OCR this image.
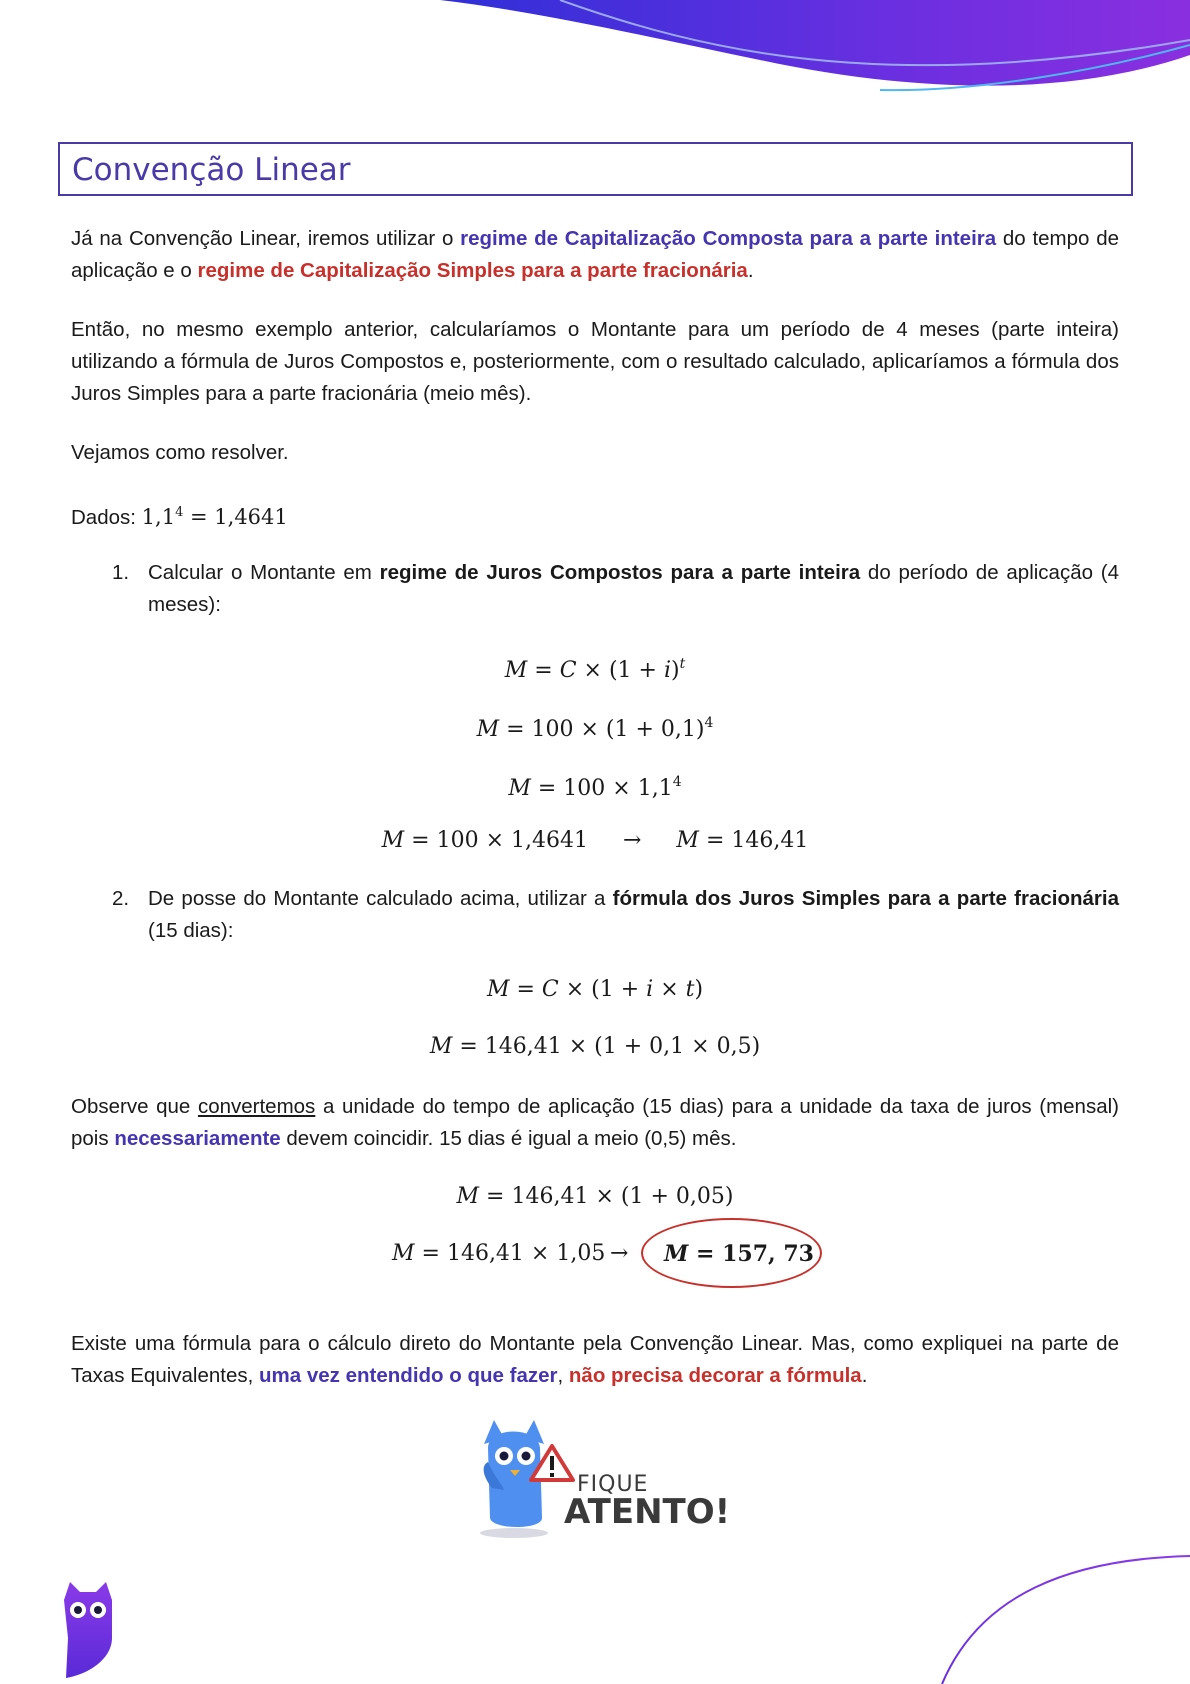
Convenção Linear
Já na Convenção Linear, iremos utilizar o regime de Capitalização Composta para a parte inteira do tempo de aplicação e o regime de Capitalização Simples para a parte fracionária.
Então, no mesmo exemplo anterior, calcularíamos o Montante para um período de 4 meses (parte inteira) utilizando a fórmula de Juros Compostos e, posteriormente, com o resultado calculado, aplicaríamos a fórmula dos Juros Simples para a parte fracionária (meio mês).
Vejamos como resolver.
Dados: $1,1^4 = 1,4641$
1. Calcular o Montante em regime de Juros Compostos para a parte inteira do período de aplicação (4 meses):
$M = C \times (1 + i)^t$
$M = 100 \times (1 + 0,1)^4$
$M = 100 \times 1,1^4$
M = 100 × 1,4641 → M = 146,41
2. De posse do Montante calculado acima, utilizar a fórmula dos Juros Simples para a parte fracionária (15 dias):
M = C × (1 + i × t)
M = 146,41 × (1 + 0,1 × 0,5)
Observe que convertemos a unidade do tempo de aplicação (15 dias) para a unidade da taxa de juros (mensal) pois necessariamente devem coincidir. 15 dias é igual a meio (0,5) mês.
M = 146,41 × (1 + 0,05)
M = 146,41 × 1,05 → M = 157, 73
Existe uma fórmula para o cálculo direto do Montante pela Convenção Linear. Mas, como expliquei na parte de Taxas Equivalentes, uma vez entendido o que fazer, não precisa decorar a fórmula.
FIQUE
ATENTO!
